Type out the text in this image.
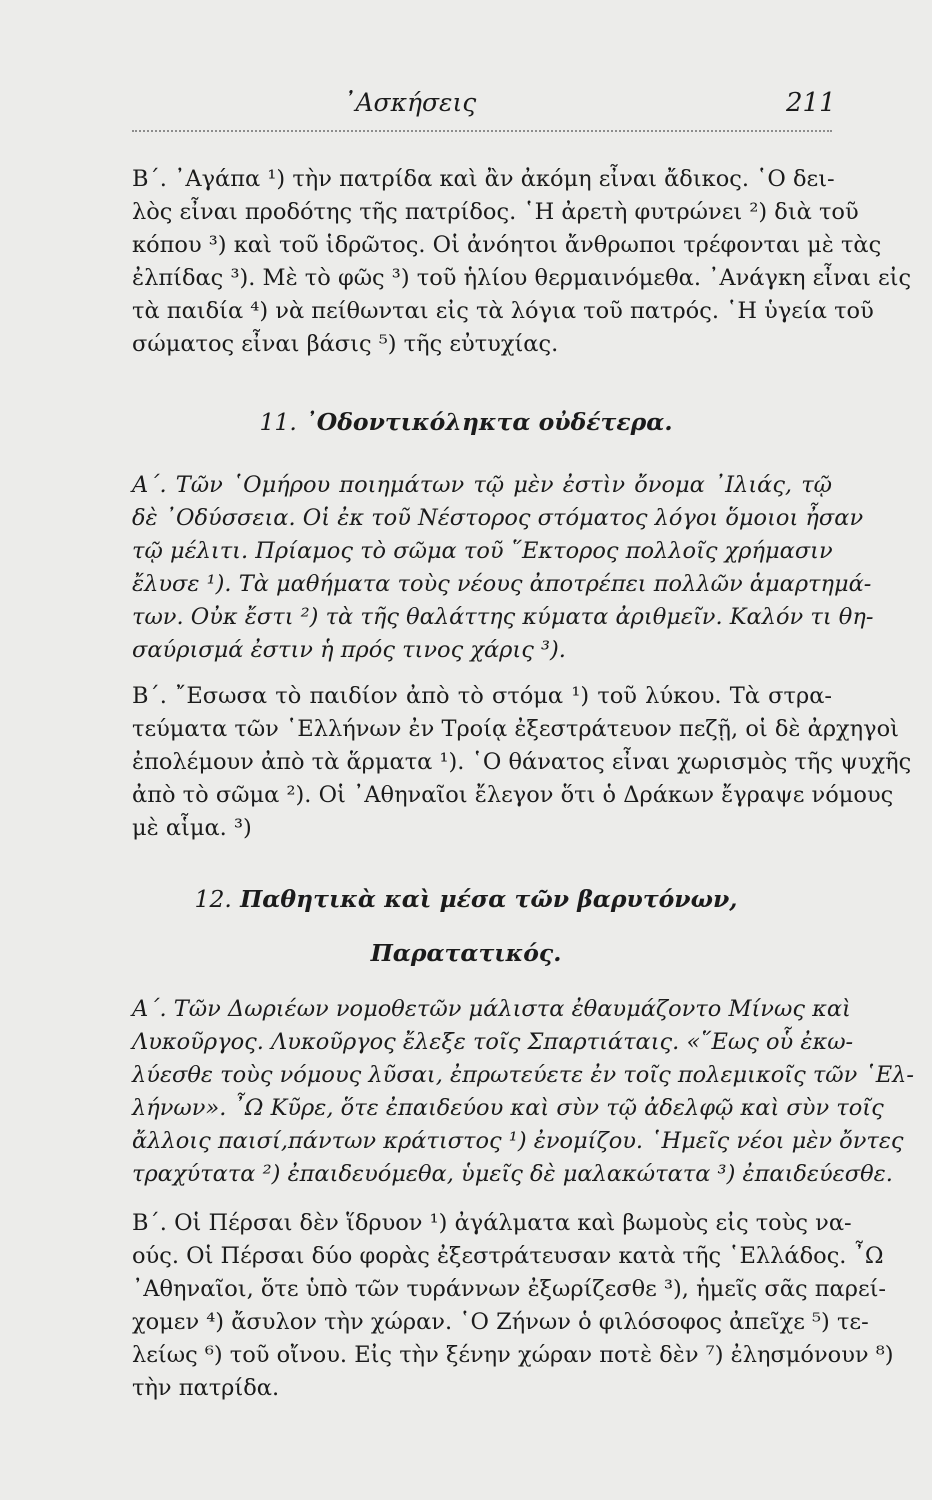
᾿Ασκήσεις	211
Β΄. ᾿Αγάπα ¹) τὴν πατρίδα καὶ ἂν ἀκόμη εἶναι ἄδικος. ῾Ο δει-
λὸς εἶναι προδότης τῆς πατρίδος. ῾Η ἀρετὴ φυτρώνει ²) διὰ τοῦ
κόπου ³) καὶ τοῦ ἱδρῶτος. Οἱ ἀνόητοι ἄνθρωποι τρέφονται μὲ τὰς
ἐλπίδας ³). Μὲ τὸ φῶς ³) τοῦ ἡλίου θερμαινόμεθα. ᾿Ανάγκη εἶναι εἰς
τὰ παιδία ⁴) νὰ πείθωνται εἰς τὰ λόγια τοῦ πατρός. ῾Η ὑγεία τοῦ
σώματος εἶναι βάσις ⁵) τῆς εὐτυχίας.
11. ᾿Οδοντικόληκτα οὐδέτερα.
Α΄. Τῶν ῾Ομήρου ποιημάτων τῷ μὲν ἐστὶν ὄνομα ᾿Ιλιάς, τῷ
δὲ ᾿Οδύσσεια. Οἱ ἐκ τοῦ Νέστορος στόματος λόγοι ὅμοιοι ἦσαν
τῷ μέλιτι. Πρίαμος τὸ σῶμα τοῦ ῞Εκτορος πολλοῖς χρήμασιν
ἔλυσε ¹). Τὰ μαθήματα τοὺς νέους ἀποτρέπει πολλῶν ἁμαρτημά-
των. Οὐκ ἔστι ²) τὰ τῆς θαλάττης κύματα ἀριθμεῖν. Καλόν τι θη-
σαύρισμά ἐστιν ἡ πρός τινος χάρις ³).
Β΄. ῎Εσωσα τὸ παιδίον ἀπὸ τὸ στόμα ¹) τοῦ λύκου. Τὰ στρα-
τεύματα τῶν ῾Ελλήνων ἐν Τροίᾳ ἐξεστράτευον πεζῇ, οἱ δὲ ἀρχηγοὶ
ἐπολέμουν ἀπὸ τὰ ἅρματα ¹). ῾Ο θάνατος εἶναι χωρισμὸς τῆς ψυχῆς
ἀπὸ τὸ σῶμα ²). Οἱ ᾿Αθηναῖοι ἔλεγον ὅτι ὁ Δράκων ἔγραψε νόμους
μὲ αἷμα. ³)
12. Παθητικὰ καὶ μέσα τῶν βαρυτόνων,
Παρατατικός.
Α΄. Τῶν Δωριέων νομοθετῶν μάλιστα ἐθαυμάζοντο Μίνως καὶ
Λυκοῦργος. Λυκοῦργος ἔλεξε τοῖς Σπαρτιάταις. «῞Εως οὗ ἐκω-
λύεσθε τοὺς νόμους λῦσαι, ἐπρωτεύετε ἐν τοῖς πολεμικοῖς τῶν ῾Ελ-
λήνων». ῏Ω Κῦρε, ὅτε ἐπαιδεύου καὶ σὺν τῷ ἀδελφῷ καὶ σὺν τοῖς
ἄλλοις παισί,πάντων κράτιστος ¹) ἐνομίζου. ῾Ημεῖς νέοι μὲν ὄντες
τραχύτατα ²) ἐπαιδευόμεθα, ὑμεῖς δὲ μαλακώτατα ³) ἐπαιδεύεσθε.
Β΄. Οἱ Πέρσαι δὲν ἵδρυον ¹) ἀγάλματα καὶ βωμοὺς εἰς τοὺς να-
ούς. Οἱ Πέρσαι δύο φορὰς ἐξεστράτευσαν κατὰ τῆς ῾Ελλάδος. ῏Ω
᾿Αθηναῖοι, ὅτε ὑπὸ τῶν τυράννων ἐξωρίζεσθε ³), ἡμεῖς σᾶς παρεί-
χομεν ⁴) ἄσυλον τὴν χώραν. ῾Ο Ζήνων ὁ φιλόσοφος ἀπεῖχε ⁵) τε-
λείως ⁶) τοῦ οἴνου. Εἰς τὴν ξένην χώραν ποτὲ δὲν ⁷) ἐλησμόνουν ⁸)
τὴν πατρίδα.
